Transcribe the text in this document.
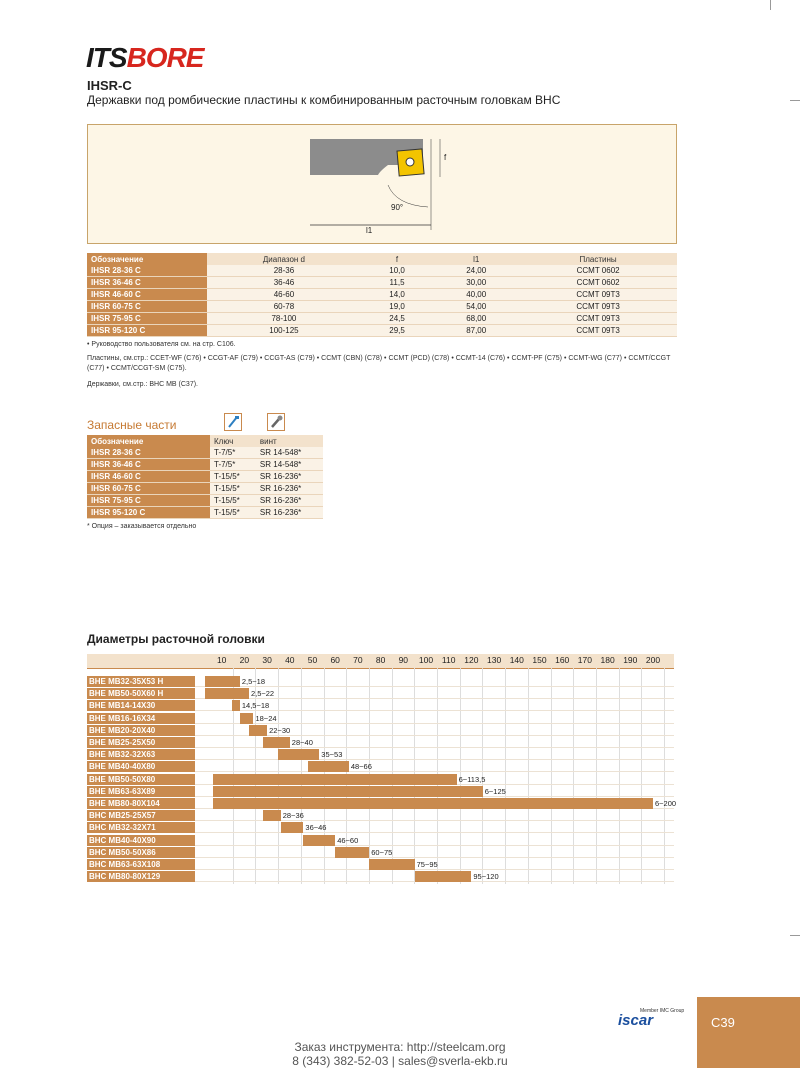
ITSBORE
IHSR-C
Державки под ромбические пластины к комбинированным расточным головкам BHC
90°
l1
f
Обозначение	Диапазон d	f	l1	Пластины
IHSR 28-36 C	28-36	10,0	24,00	CCMT 0602
IHSR 36-46 C	36-46	11,5	30,00	CCMT 0602
IHSR 46-60 C	46-60	14,0	40,00	CCMT 09T3
IHSR 60-75 C	60-78	19,0	54,00	CCMT 09T3
IHSR 75-95 C	78-100	24,5	68,00	CCMT 09T3
IHSR 95-120 C	100-125	29,5	87,00	CCMT 09T3
• Руководство пользователя см. на стр. C106.
Пластины, см.стр.: CCET-WF (C76) • CCGT-AF (C79) • CCGT-AS (C79) • CCMT (CBN) (C78) • CCMT (PCD) (C78) • CCMT-14 (C76) • CCMT-PF (C75) • CCMT-WG (C77) • CCMT/CCGT (C77) • CCMT/CCGT-SM (C75).
Державки, см.стр.: BHC MB (C37).
Запасные части
Обозначение	Ключ	винт
IHSR 28-36 C	T-7/5*	SR 14-548*
IHSR 36-46 C	T-7/5*	SR 14-548*
IHSR 46-60 C	T-15/5*	SR 16-236*
IHSR 60-75 C	T-15/5*	SR 16-236*
IHSR 75-95 C	T-15/5*	SR 16-236*
IHSR 95-120 C	T-15/5*	SR 16-236*
* Опция – заказывается отдельно
Диаметры расточной головки
10 20 30 40 50 60 70 80 90 100 110 120 130 140 150 160 170 180 190 200
BHE MB32-35X53 H	2,5~18
BHE MB50-50X60 H	2,5~22
BHE MB14-14X30	14,5~18
BHE MB16-16X34	18~24
BHE MB20-20X40	22~30
BHE MB25-25X50	28~40
BHE MB32-32X63	35~53
BHE MB40-40X80	48~66
BHE MB50-50X80	6~113,5
BHE MB63-63X89	6~125
BHE MB80-80X104	6~200
BHC MB25-25X57	28~36
BHC MB32-32X71	36~46
BHC MB40-40X90	46~60
BHC MB50-50X86	60~75
BHC MB63-63X108	75~95
BHC MB80-80X129	95~120
Member IMC Group
iscar	C39
Заказ инструмента: http://steelcam.org
8 (343) 382-52-03 | sales@sverla-ekb.ru
